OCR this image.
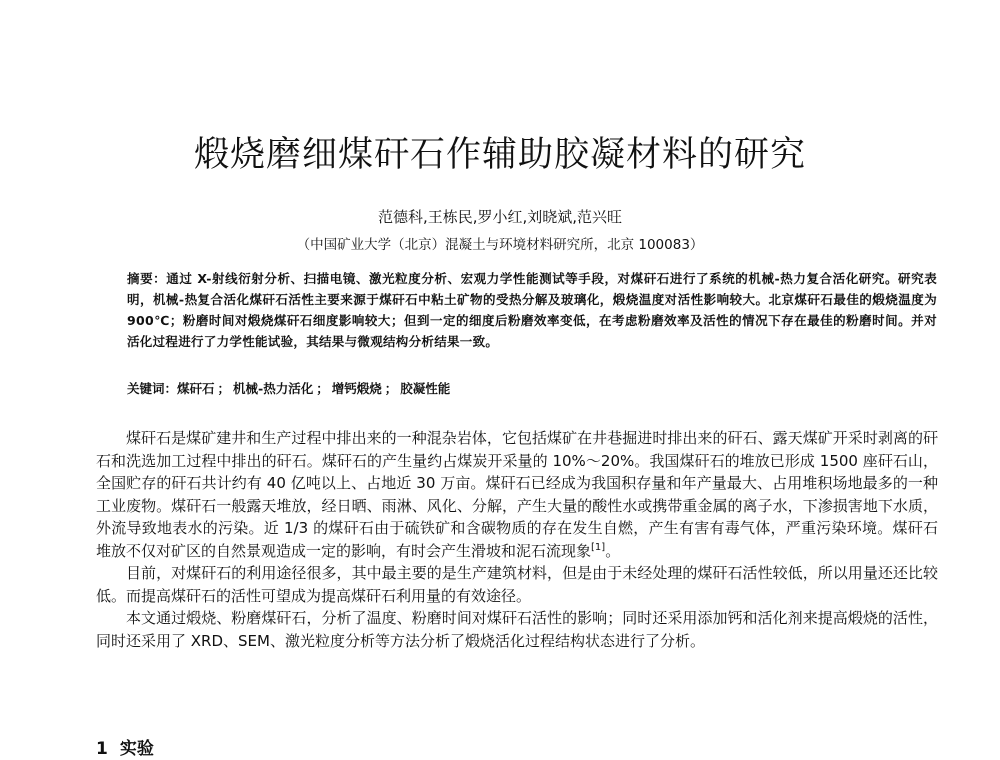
煅烧磨细煤矸石作辅助胶凝材料的研究
范德科,王栋民,罗小红,刘晓斌,范兴旺
（中国矿业大学（北京）混凝土与环境材料研究所，北京 100083）
摘要：通过 X-射线衍射分析、扫描电镜、激光粒度分析、宏观力学性能测试等手段，对煤矸石进行了系统的机械-热力复合活化研究。研究表明，机械-热复合活化煤矸石活性主要来源于煤矸石中粘土矿物的受热分解及玻璃化，煅烧温度对活性影响较大。北京煤矸石最佳的煅烧温度为 900℃；粉磨时间对煅烧煤矸石细度影响较大；但到一定的细度后粉磨效率变低，在考虑粉磨效率及活性的情况下存在最佳的粉磨时间。并对活化过程进行了力学性能试验，其结果与微观结构分析结果一致。
关键词：煤矸石 ； 机械-热力活化 ； 增钙煅烧 ； 胶凝性能

煤矸石是煤矿建井和生产过程中排出来的一种混杂岩体，它包括煤矿在井巷掘进时排出来的矸石、露天煤矿开采时剥离的矸石和洗选加工过程中排出的矸石。煤矸石的产生量约占煤炭开采量的 10%～20%。我国煤矸石的堆放已形成 1500 座矸石山，全国贮存的矸石共计约有 40 亿吨以上、占地近 30 万亩。煤矸石已经成为我国积存量和年产量最大、占用堆积场地最多的一种工业废物。煤矸石一般露天堆放，经日晒、雨淋、风化、分解，产生大量的酸性水或携带重金属的离子水，下渗损害地下水质，外流导致地表水的污染。近 1/3 的煤矸石由于硫铁矿和含碳物质的存在发生自燃，产生有害有毒气体，严重污染环境。煤矸石堆放不仅对矿区的自然景观造成一定的影响，有时会产生滑坡和泥石流现象[1]。

目前，对煤矸石的利用途径很多，其中最主要的是生产建筑材料，但是由于未经处理的煤矸石活性较低，所以用量还还比较低。而提高煤矸石的活性可望成为提高煤矸石利用量的有效途径。

本文通过煅烧、粉磨煤矸石，分析了温度、粉磨时间对煤矸石活性的影响；同时还采用添加钙和活化剂来提高煅烧的活性，同时还采用了 XRD、SEM、激光粒度分析等方法分析了煅烧活化过程结构状态进行了分析。

1 实验
